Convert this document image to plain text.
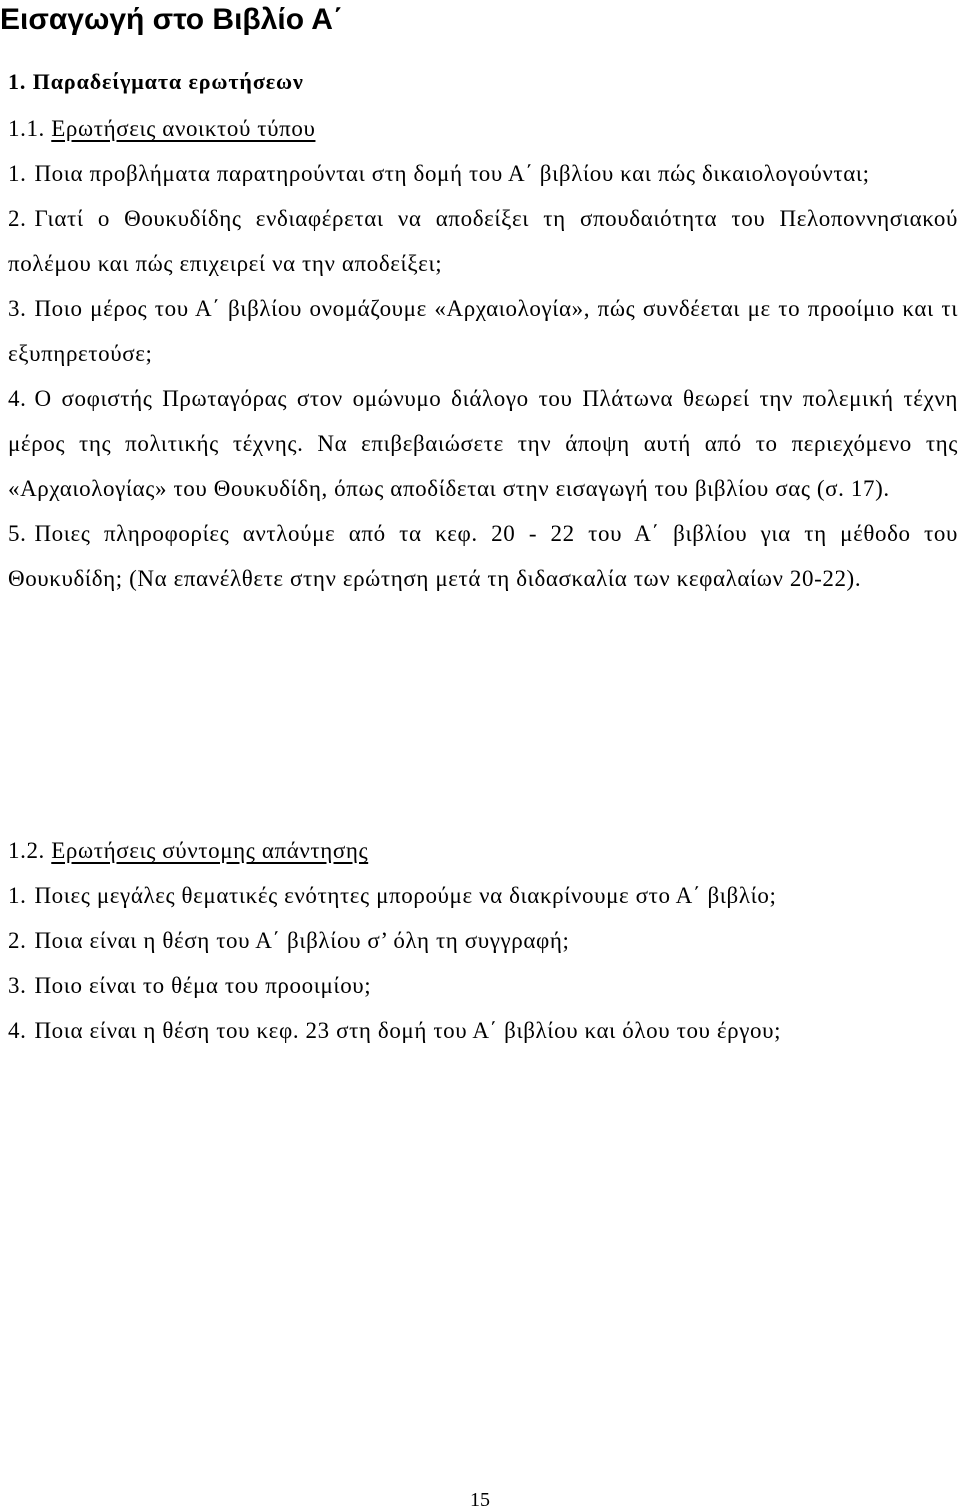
Εισαγωγή στο Βιβλίο Α΄
1. Παραδείγματα ερωτήσεων
1.1. Ερωτήσεις ανοικτού τύπου
1. Ποια προβλήματα παρατηρούνται στη δομή του Α΄ βιβλίου και πώς δικαιολογούνται;
2. Γιατί ο Θουκυδίδης ενδιαφέρεται να αποδείξει τη σπουδαιότητα του Πελοποννησιακού πολέμου και πώς επιχειρεί να την αποδείξει;
3. Ποιο μέρος του Α΄ βιβλίου ονομάζουμε «Αρχαιολογία», πώς συνδέεται με το προοίμιο και τι εξυπηρετούσε;
4. Ο σοφιστής Πρωταγόρας στον ομώνυμο διάλογο του Πλάτωνα θεωρεί την πολεμική τέχνη μέρος της πολιτικής τέχνης. Να επιβεβαιώσετε την άποψη αυτή από το περιεχόμενο της «Αρχαιολογίας» του Θουκυδίδη, όπως αποδίδεται στην εισαγωγή του βιβλίου σας (σ. 17).
5. Ποιες πληροφορίες αντλούμε από τα κεφ. 20 - 22 του Α΄ βιβλίου για τη μέθοδο του Θουκυδίδη; (Να επανέλθετε στην ερώτηση μετά τη διδασκαλία των κεφαλαίων 20-22).
1.2. Ερωτήσεις σύντομης απάντησης
1. Ποιες μεγάλες θεματικές ενότητες μπορούμε να διακρίνουμε στο Α΄ βιβλίο;
2. Ποια είναι η θέση του Α΄ βιβλίου σ’ όλη τη συγγραφή;
3. Ποιο είναι το θέμα του προοιμίου;
4. Ποια είναι η θέση του κεφ. 23 στη δομή του Α΄ βιβλίου και όλου του έργου;
15
